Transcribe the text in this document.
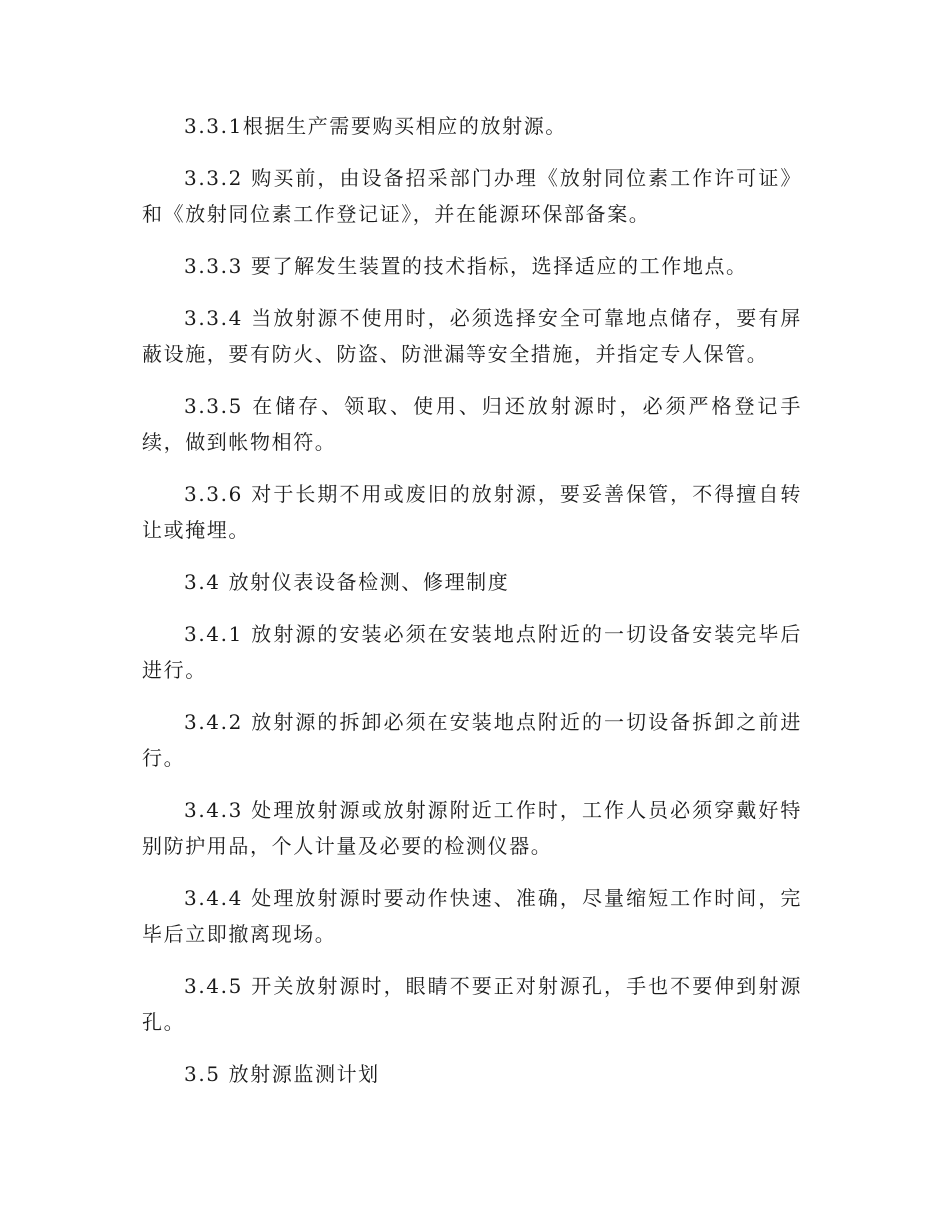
3.3.1根据生产需要购买相应的放射源。

3.3.2 购买前，由设备招采部门办理《放射同位素工作许可证》和《放射同位素工作登记证》，并在能源环保部备案。

3.3.3 要了解发生装置的技术指标，选择适应的工作地点。

3.3.4 当放射源不使用时，必须选择安全可靠地点储存，要有屏蔽设施，要有防火、防盗、防泄漏等安全措施，并指定专人保管。

3.3.5 在储存、领取、使用、归还放射源时，必须严格登记手续，做到帐物相符。

3.3.6 对于长期不用或废旧的放射源，要妥善保管，不得擅自转让或掩埋。

3.4 放射仪表设备检测、修理制度

3.4.1 放射源的安装必须在安装地点附近的一切设备安装完毕后进行。

3.4.2 放射源的拆卸必须在安装地点附近的一切设备拆卸之前进行。

3.4.3 处理放射源或放射源附近工作时，工作人员必须穿戴好特别防护用品，个人计量及必要的检测仪器。

3.4.4 处理放射源时要动作快速、准确，尽量缩短工作时间，完毕后立即撤离现场。

3.4.5 开关放射源时，眼睛不要正对射源孔，手也不要伸到射源孔。

3.5 放射源监测计划
